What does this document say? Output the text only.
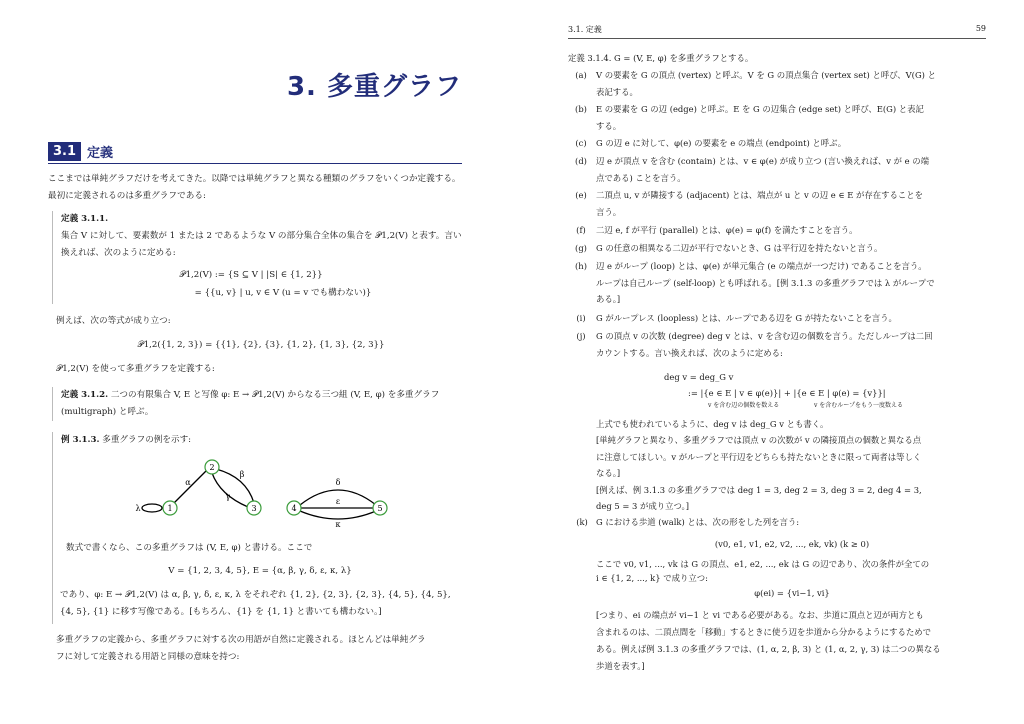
3. 多重グラフ
3.1 定義
ここまでは単純グラフだけを考えてきた。以降では単純グラフと異なる種類のグラフをいくつか定義する。最初に定義されるのは多重グラフである:
定義 3.1.1.
集合 V に対して、要素数が 1 または 2 であるような V の部分集合全体の集合を 𝒫1,2(V) と表す。言い換えれば、次のように定める:
𝒫1,2(V) := {S ⊆ V | |S| ∈ {1, 2}}
= {{u, v} | u, v ∈ V (u = v でも構わない)}
例えば、次の等式が成り立つ:
𝒫1,2({1, 2, 3}) = {{1}, {2}, {3}, {1, 2}, {1, 3}, {2, 3}}
𝒫1,2(V) を使って多重グラフを定義する:
定義 3.1.2. 二つの有限集合 V, E と写像 φ: E → 𝒫1,2(V) からなる三つ組 (V, E, φ) を多重グラフ (multigraph) と呼ぶ。
例 3.1.3. 多重グラフの例を示す:
1
2
3	4	5
λ
α
β
γ
δ
ε
κ
数式で書くなら、この多重グラフは (V, E, φ) と書ける。ここで
V = {1, 2, 3, 4, 5}, E = {α, β, γ, δ, ε, κ, λ}
であり、φ: E → 𝒫1,2(V) は α, β, γ, δ, ε, κ, λ をそれぞれ {1, 2}, {2, 3}, {2, 3}, {4, 5}, {4, 5},
{4, 5}, {1} に移す写像である。[もちろん、{1} を {1, 1} と書いても構わない。]
多重グラフの定義から、多重グラフに対する次の用語が自然に定義される。ほとんどは単純グラ
フに対して定義される用語と同様の意味を持つ:
3.1. 定義	59
定義 3.1.4. G = (V, E, φ) を多重グラフとする。
(a)	V の要素を G の頂点 (vertex) と呼ぶ。V を G の頂点集合 (vertex set) と呼び、V(G) と
表記する。
(b)	E の要素を G の辺 (edge) と呼ぶ。E を G の辺集合 (edge set) と呼び、E(G) と表記
する。
(c)	G の辺 e に対して、φ(e) の要素を e の端点 (endpoint) と呼ぶ。
(d)	辺 e が頂点 v を含む (contain) とは、v ∈ φ(e) が成り立つ (言い換えれば、v が e の端
点である) ことを言う。
(e)	二頂点 u, v が隣接する (adjacent) とは、端点が u と v の辺 e ∈ E が存在することを
言う。
(f)	二辺 e, f が平行 (parallel) とは、φ(e) = φ(f) を満たすことを言う。
(g)	G の任意の相異なる二辺が平行でないとき、G は平行辺を持たないと言う。
(h)	辺 e がループ (loop) とは、φ(e) が単元集合 (e の端点が一つだけ) であることを言う。
ループは自己ループ (self-loop) とも呼ばれる。[例 3.1.3 の多重グラフでは λ がループで
ある。]
(i)	G がループレス (loopless) とは、ループである辺を G が持たないことを言う。
(j)	G の頂点 v の次数 (degree) deg v とは、v を含む辺の個数を言う。ただしループは二回
カウントする。言い換えれば、次のように定める:
deg v = deg_G v
:= |{e ∈ E | v ∈ φ(e)}| + |{e ∈ E | φ(e) = {v}}|
v を含む辺の個数を数える	v を含むループをもう一度数える
上式でも使われているように、deg v は deg_G v とも書く。
[単純グラフと異なり、多重グラフでは頂点 v の次数が v の隣接頂点の個数と異なる点
に注意してほしい。v がループと平行辺をどちらも持たないときに限って両者は等しく
なる。]
[例えば、例 3.1.3 の多重グラフでは deg 1 = 3, deg 2 = 3, deg 3 = 2, deg 4 = 3,
deg 5 = 3 が成り立つ。]
(k) G における歩道 (walk) とは、次の形をした列を言う:
(v0, e1, v1, e2, v2, ..., ek, vk) (k ≥ 0)
ここで v0, v1, ..., vk は G の頂点、e1, e2, ..., ek は G の辺であり、次の条件が全ての
i ∈ {1, 2, ..., k} で成り立つ:
φ(ei) = {vi−1, vi}
[つまり、ei の端点が vi−1 と vi である必要がある。なお、歩道に頂点と辺が両方とも
含まれるのは、二頂点間を「移動」するときに使う辺を歩道から分かるようにするためで
ある。例えば例 3.1.3 の多重グラフでは、(1, α, 2, β, 3) と (1, α, 2, γ, 3) は二つの異なる
歩道を表す。]
